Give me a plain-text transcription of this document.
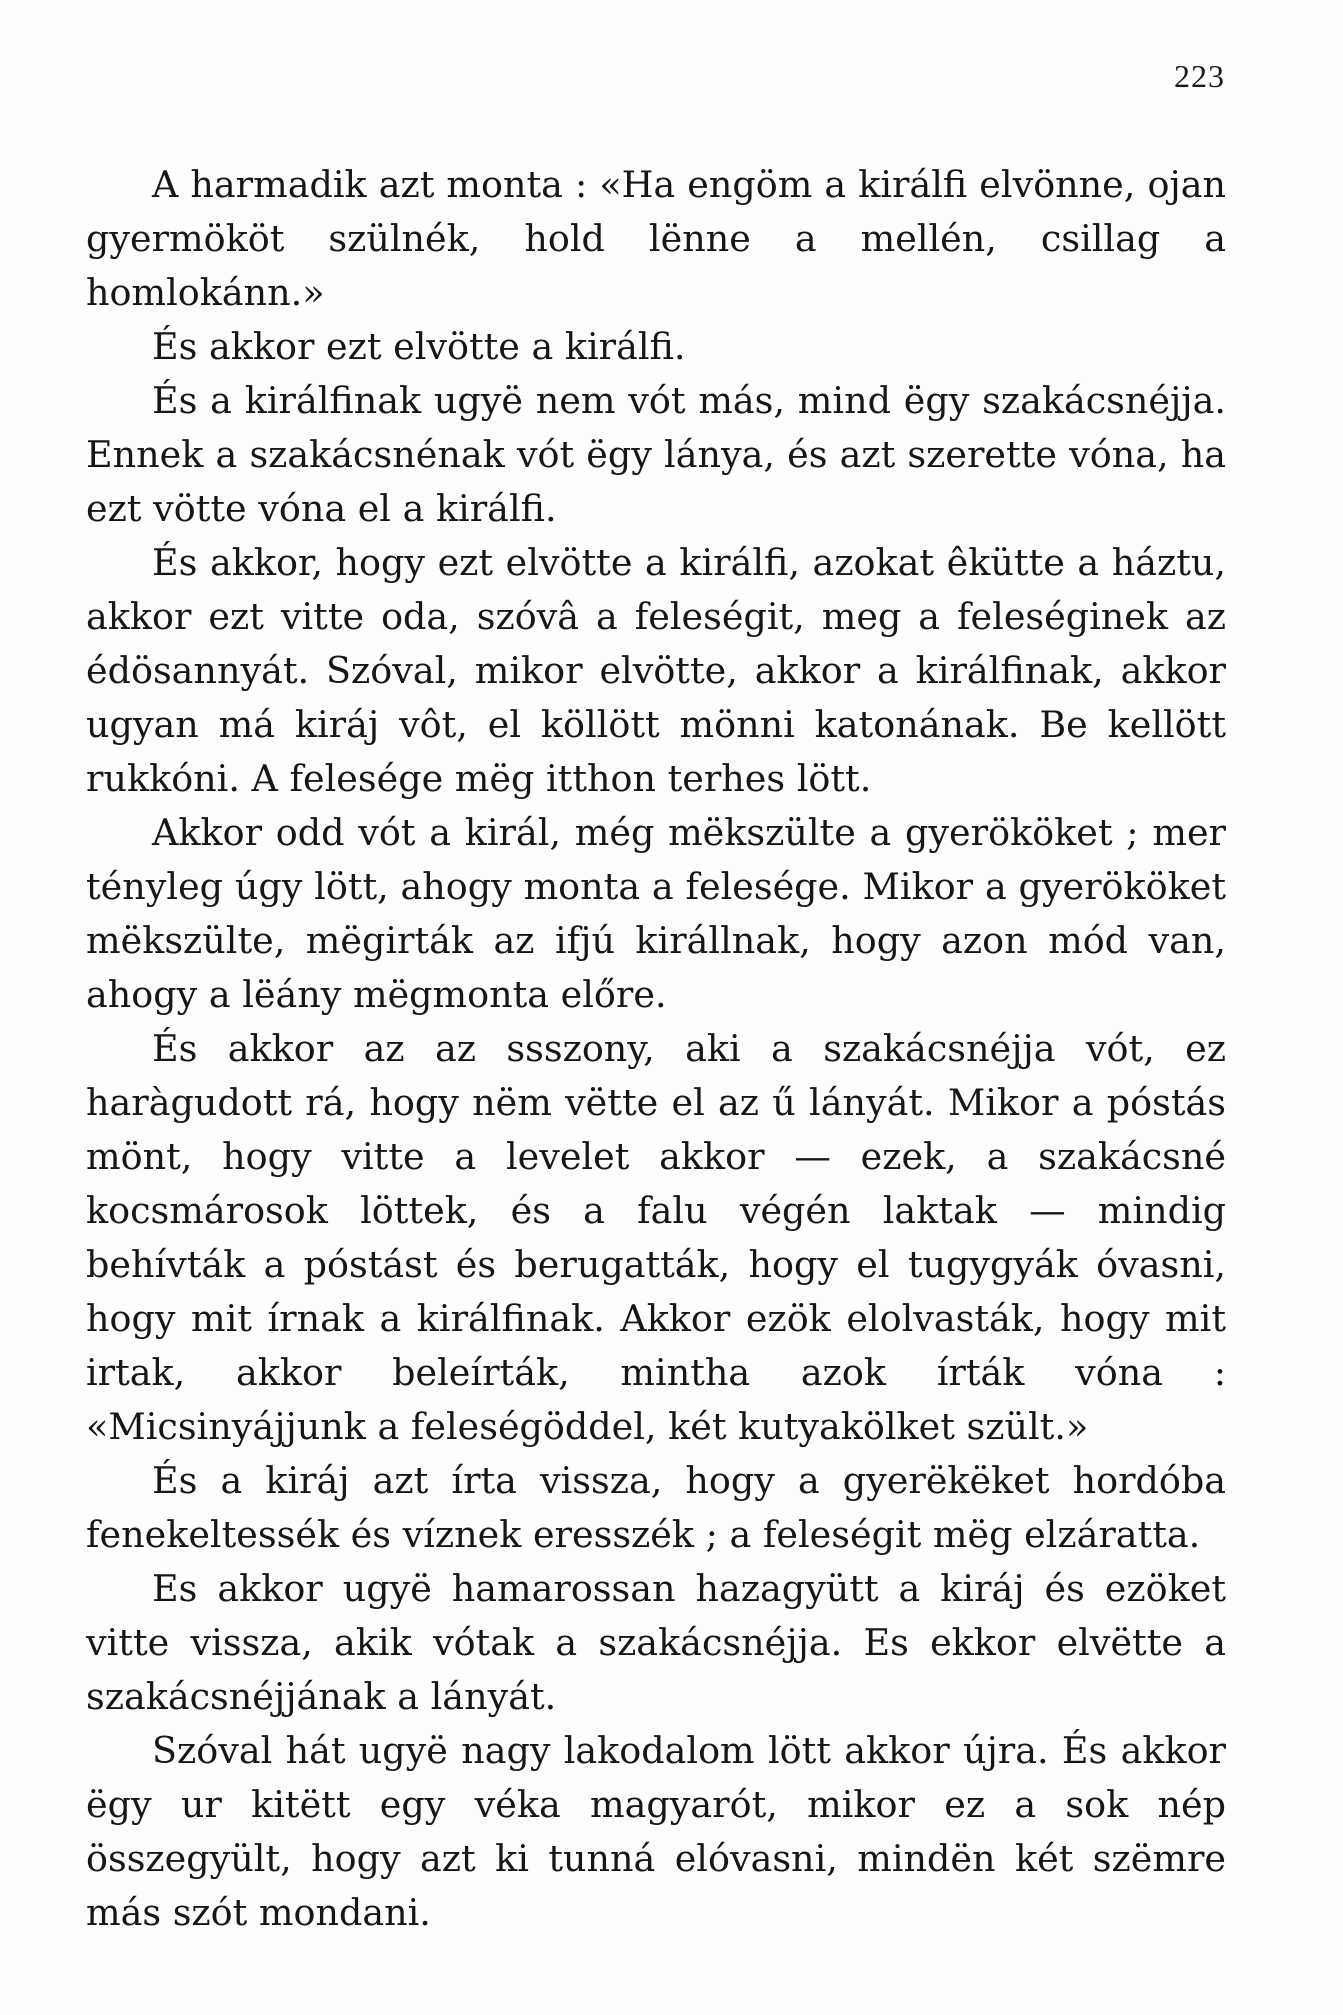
223

A harmadik azt monta : «Ha engöm a királfi elvönne, ojan gyermököt szülnék, hold lënne a mellén, csillag a homlokánn.»

És akkor ezt elvötte a királfi.

És a királfinak ugyë nem vót más, mind ëgy szakácsnéjja. Ennek a szakácsnénak vót ëgy lánya, és azt szerette vóna, ha ezt vötte vóna el a királfi.

És akkor, hogy ezt elvötte a királfi, azokat êkütte a háztu, akkor ezt vitte oda, szóvâ a feleségit, meg a feleséginek az édösannyát. Szóval, mikor elvötte, akkor a királfinak, akkor ugyan má kiráj vôt, el köllött mönni katonának. Be kellött rukkóni. A felesége mëg itthon terhes lött.

Akkor odd vót a királ, még mëkszülte a gyerököket ; mer tényleg úgy lött, ahogy monta a felesége. Mikor a gyerököket mëkszülte, mëgirták az ifjú királlnak, hogy azon mód van, ahogy a lëány mëgmonta előre.

És akkor az az ssszony, aki a szakácsnéjja vót, ez haràgudott rá, hogy nëm vëtte el az ű lányát. Mikor a póstás mönt, hogy vitte a levelet akkor — ezek, a szakácsné kocsmárosok löttek, és a falu végén laktak — mindig behívták a póstást és berugatták, hogy el tugygyák óvasni, hogy mit írnak a királfinak. Akkor ezök elolvasták, hogy mit irtak, akkor beleírták, mintha azok írták vóna : «Micsinyájjunk a feleségöddel, két kutyakölket szült.»

És a kiráj azt írta vissza, hogy a gyerëkëket hordóba fenekeltessék és víznek eresszék ; a feleségit mëg elzáratta.

Es akkor ugyë hamarossan hazagyütt a kiráj és ezöket vitte vissza, akik vótak a szakácsnéjja. Es ekkor elvëtte a szakácsnéjjának a lányát.

Szóval hát ugyë nagy lakodalom lött akkor újra. És akkor ëgy ur kitëtt egy véka magyarót, mikor ez a sok nép összegyült, hogy azt ki tunná elóvasni, mindën két szëmre más szót mondani.
